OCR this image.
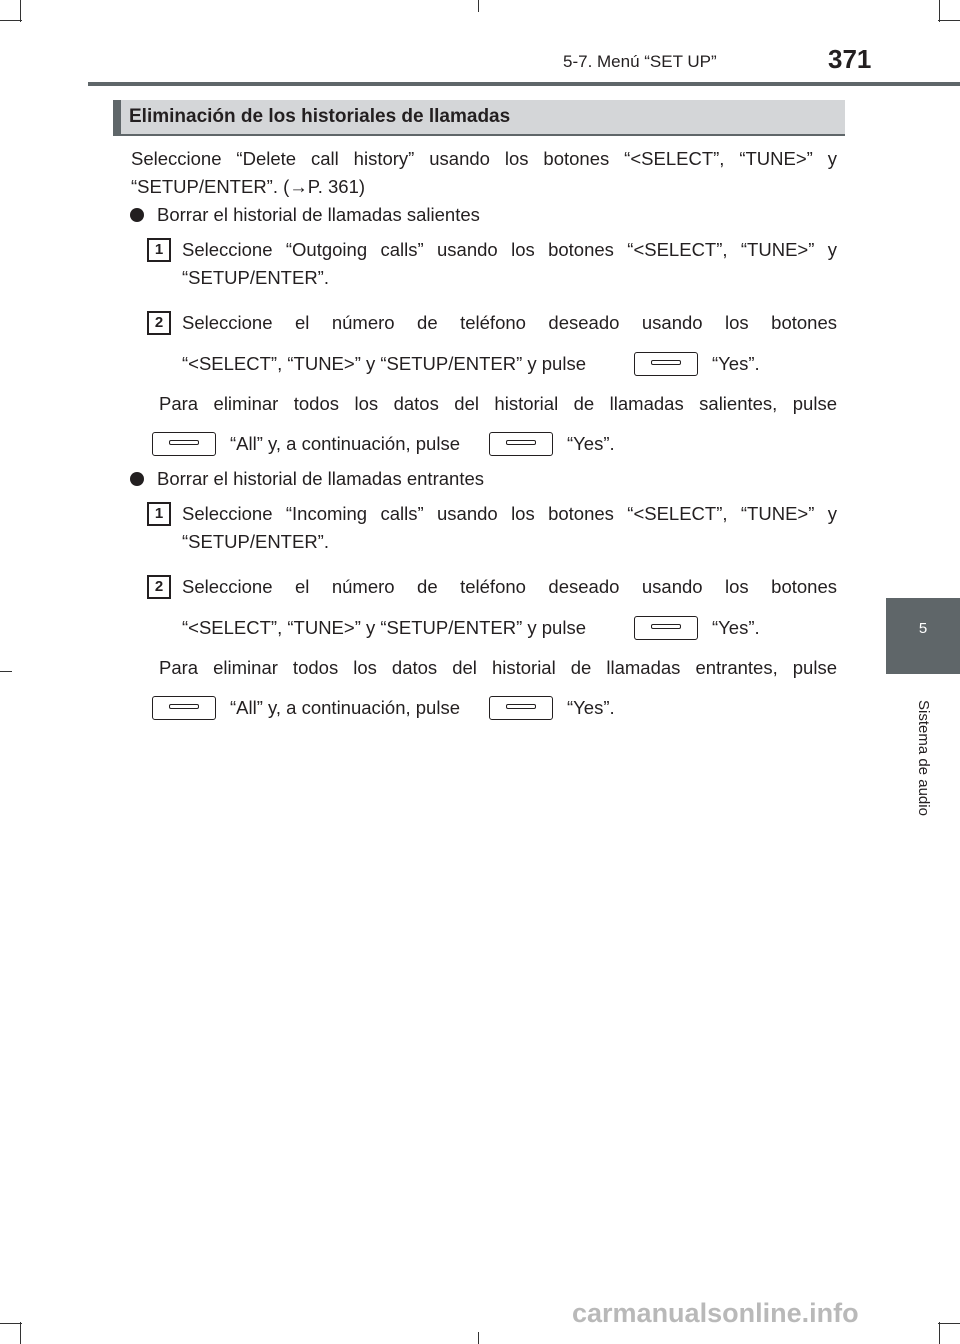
5-7. Menú “SET UP”	371
5
Sistema de audio
Eliminación de los historiales de llamadas
Seleccione “Delete call history” usando los botones “<SELECT”, “TUNE>” y
“SETUP/ENTER”. (→P. 361)
Borrar el historial de llamadas salientes
1	Seleccione “Outgoing calls” usando los botones “<SELECT”, “TUNE>” y
“SETUP/ENTER”.
2	Seleccione el número de teléfono deseado usando los botones
“<SELECT”, “TUNE>” y “SETUP/ENTER” y pulse	“Yes”.
Para eliminar todos los datos del historial de llamadas salientes, pulse
“All” y, a continuación, pulse	“Yes”.
Borrar el historial de llamadas entrantes
1	Seleccione “Incoming calls” usando los botones “<SELECT”, “TUNE>” y
“SETUP/ENTER”.
2	Seleccione el número de teléfono deseado usando los botones
“<SELECT”, “TUNE>” y “SETUP/ENTER” y pulse	“Yes”.
Para eliminar todos los datos del historial de llamadas entrantes, pulse
“All” y, a continuación, pulse	“Yes”.
carmanualsonline.info
